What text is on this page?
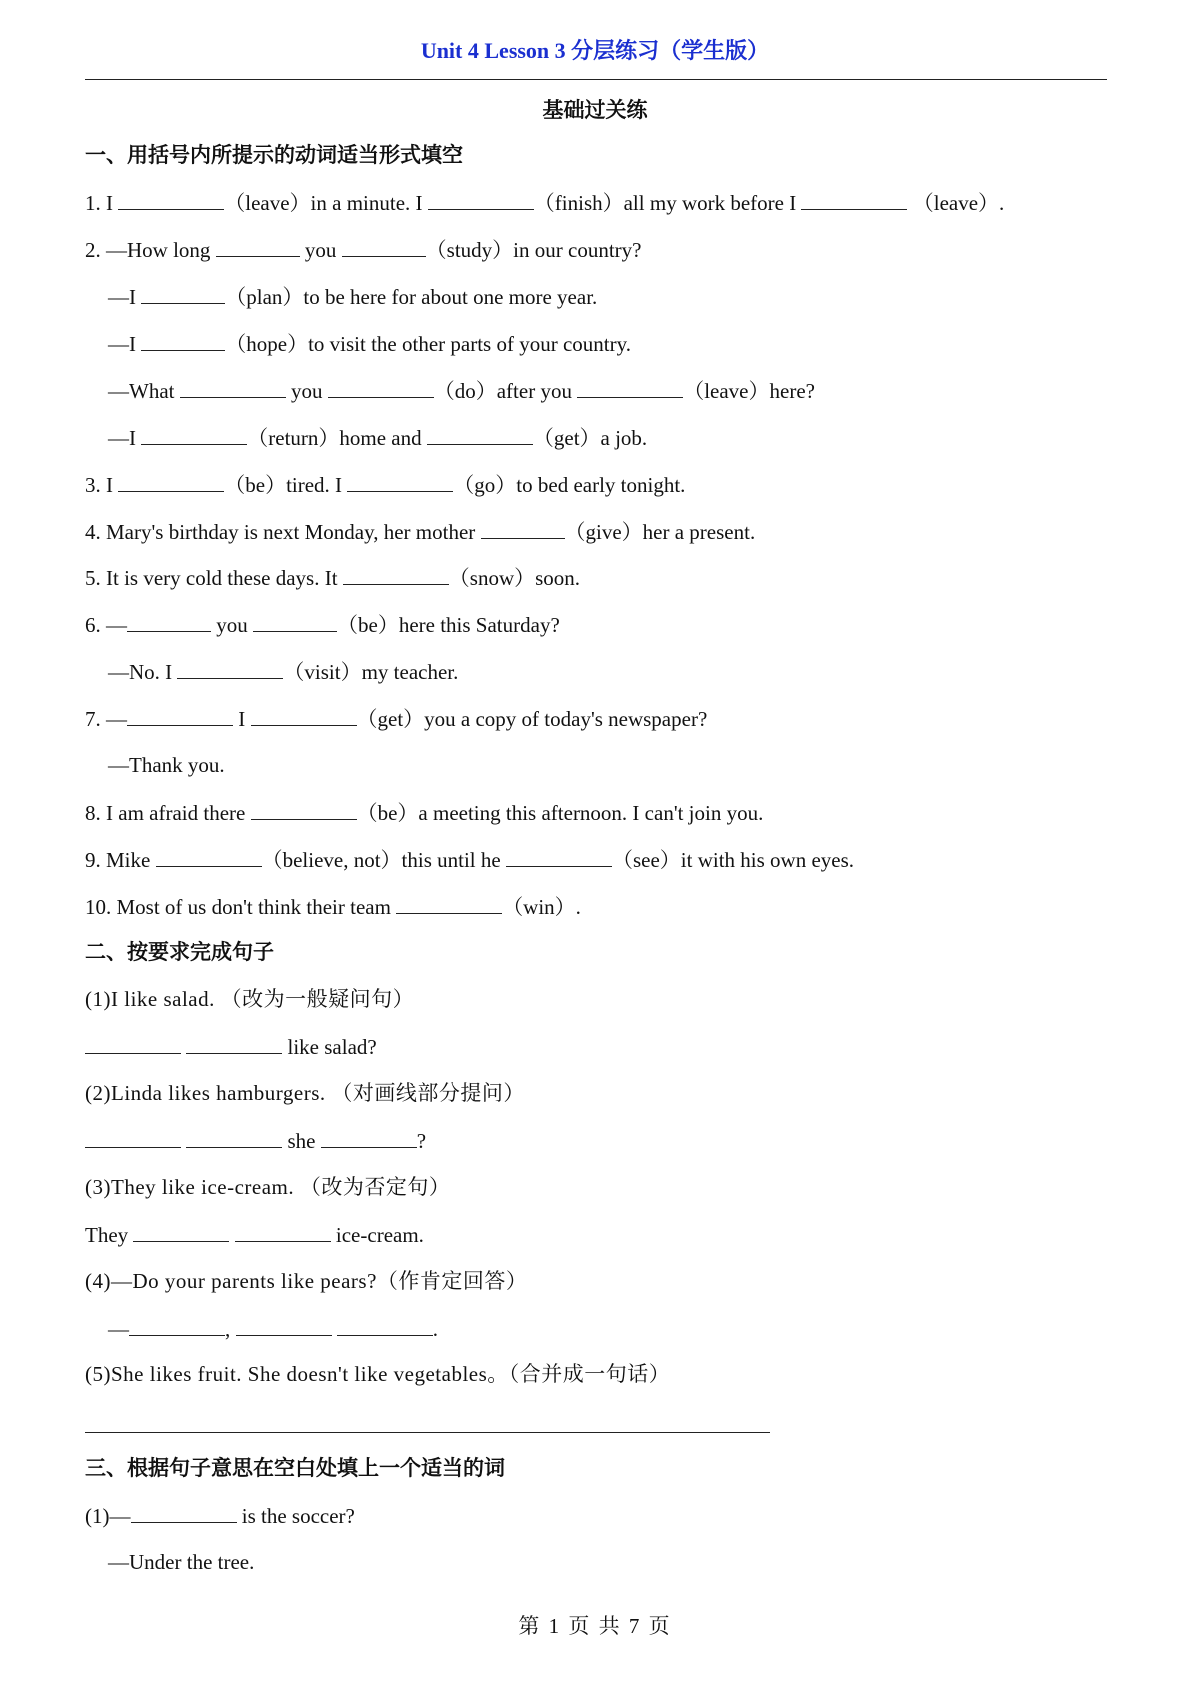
Unit 4 Lesson 3 分层练习（学生版）
基础过关练
一、用括号内所提示的动词适当形式填空
1. I	（leave）in a minute. I	（finish）all my work before I	（leave）.
2. —How long	you	（study）in our country?
—I	（plan）to be here for about one more year.
—I	（hope）to visit the other parts of your country.
—What	you	（do）after you	（leave）here?
—I	（return）home and	（get）a job.
3. I	（be）tired. I	（go）to bed early tonight.
4. Mary's birthday is next Monday, her mother	（give）her a present.
5. It is very cold these days. It	（snow）soon.
6. —	you	（be）here this Saturday?
—No. I	（visit）my teacher.
7. —	I	（get）you a copy of today's newspaper?
—Thank you.
8. I am afraid there	（be）a meeting this afternoon. I can't join you.
9. Mike	（believe, not）this until he	（see）it with his own eyes.
10. Most of us don't think their team	（win）.
二、按要求完成句子
(1)I like salad. （改为一般疑问句）
like salad?
(2)Linda likes hamburgers. （对画线部分提问）
she	?
(3)They like ice-cream. （改为否定句）
They	ice-cream.
(4)—Do your parents like pears?（作肯定回答）
—	,	.
(5)She likes fruit. She doesn't like vegetables。（合并成一句话）
三、根据句子意思在空白处填上一个适当的词
(1)—	is the soccer?
—Under the tree.
第 1 页 共 7 页
